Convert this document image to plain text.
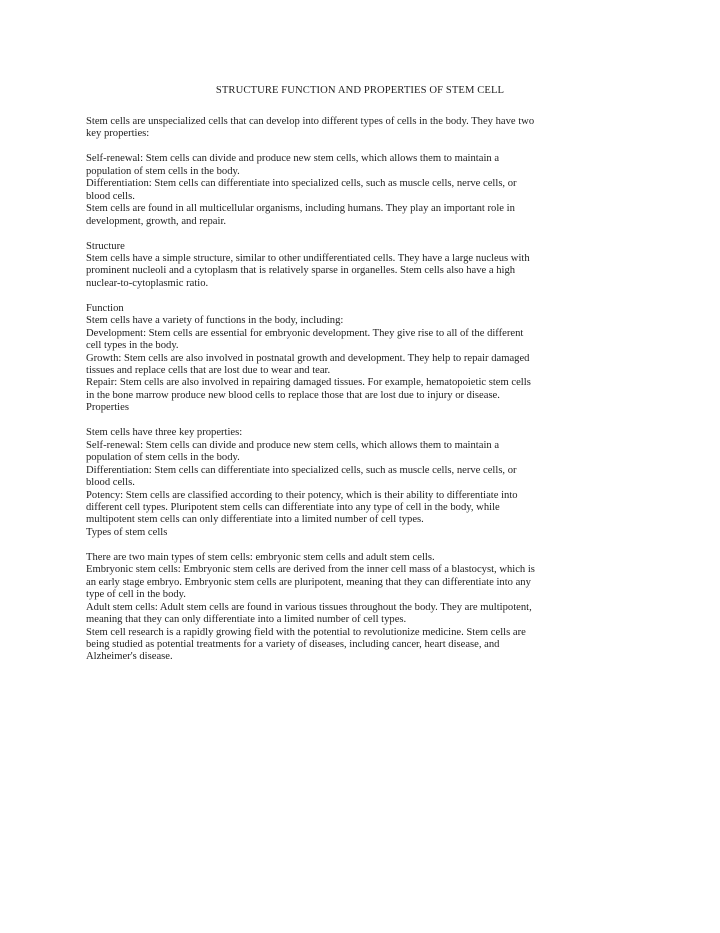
STRUCTURE FUNCTION AND PROPERTIES OF STEM CELL
Stem cells are unspecialized cells that can develop into different types of cells in the body. They have two
key properties:
Self-renewal: Stem cells can divide and produce new stem cells, which allows them to maintain a
population of stem cells in the body.
Differentiation: Stem cells can differentiate into specialized cells, such as muscle cells, nerve cells, or
blood cells.
Stem cells are found in all multicellular organisms, including humans. They play an important role in
development, growth, and repair.
Structure
Stem cells have a simple structure, similar to other undifferentiated cells. They have a large nucleus with
prominent nucleoli and a cytoplasm that is relatively sparse in organelles. Stem cells also have a high
nuclear-to-cytoplasmic ratio.
Function
Stem cells have a variety of functions in the body, including:
Development: Stem cells are essential for embryonic development. They give rise to all of the different
cell types in the body.
Growth: Stem cells are also involved in postnatal growth and development. They help to repair damaged
tissues and replace cells that are lost due to wear and tear.
Repair: Stem cells are also involved in repairing damaged tissues. For example, hematopoietic stem cells
in the bone marrow produce new blood cells to replace those that are lost due to injury or disease.
Properties
Stem cells have three key properties:
Self-renewal: Stem cells can divide and produce new stem cells, which allows them to maintain a
population of stem cells in the body.
Differentiation: Stem cells can differentiate into specialized cells, such as muscle cells, nerve cells, or
blood cells.
Potency: Stem cells are classified according to their potency, which is their ability to differentiate into
different cell types. Pluripotent stem cells can differentiate into any type of cell in the body, while
multipotent stem cells can only differentiate into a limited number of cell types.
Types of stem cells
There are two main types of stem cells: embryonic stem cells and adult stem cells.
Embryonic stem cells: Embryonic stem cells are derived from the inner cell mass of a blastocyst, which is
an early stage embryo. Embryonic stem cells are pluripotent, meaning that they can differentiate into any
type of cell in the body.
Adult stem cells: Adult stem cells are found in various tissues throughout the body. They are multipotent,
meaning that they can only differentiate into a limited number of cell types.
Stem cell research is a rapidly growing field with the potential to revolutionize medicine. Stem cells are
being studied as potential treatments for a variety of diseases, including cancer, heart disease, and
Alzheimer's disease.
